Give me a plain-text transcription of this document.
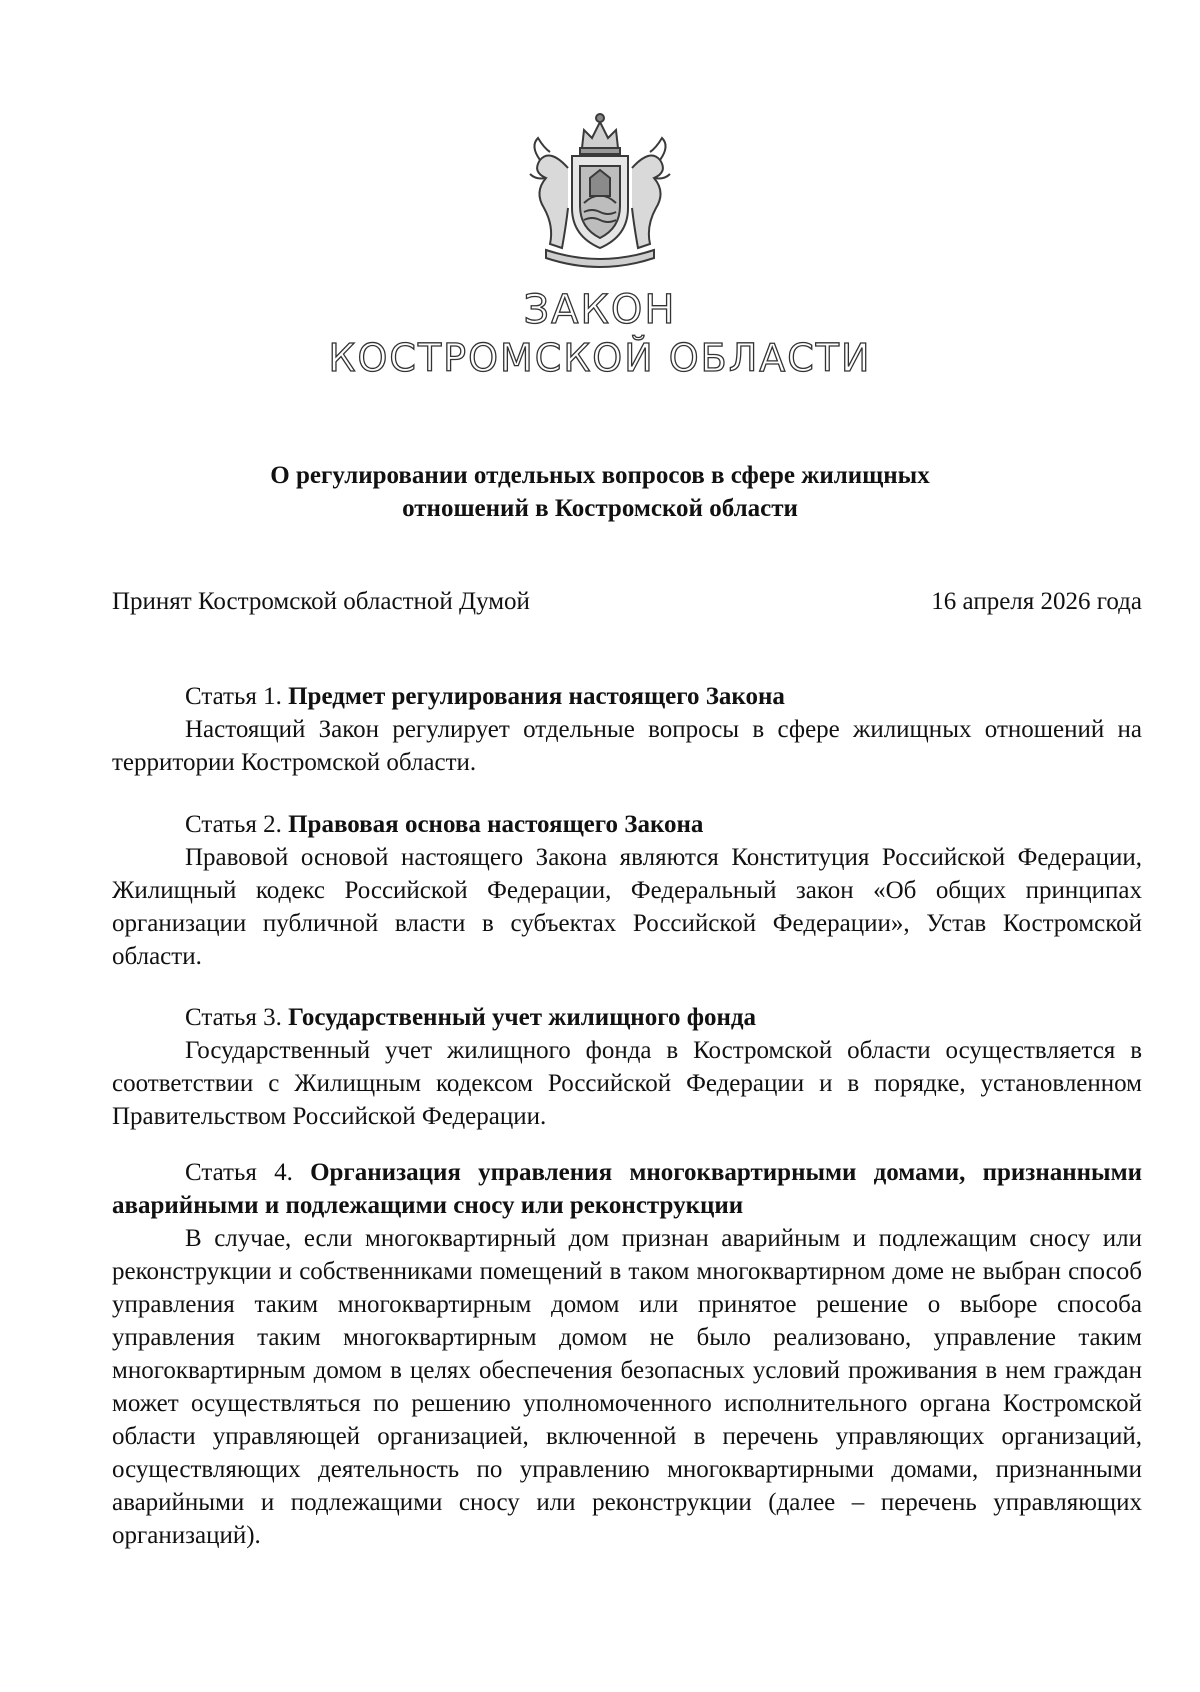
ЗАКОН
КОСТРОМСКОЙ ОБЛАСТИ

О регулировании отдельных вопросов в сфере жилищных
отношений в Костромской области

Принят Костромской областной Думой	16 апреля 2026 года

Статья 1. Предмет регулирования настоящего Закона

Настоящий Закон регулирует отдельные вопросы в сфере жилищных отношений на территории Костромской области.

Статья 2. Правовая основа настоящего Закона

Правовой основой настоящего Закона являются Конституция Российской Федерации, Жилищный кодекс Российской Федерации, Федеральный закон «Об общих принципах организации публичной власти в субъектах Российской Федерации», Устав Костромской области.

Статья 3. Государственный учет жилищного фонда

Государственный учет жилищного фонда в Костромской области осуществляется в соответствии с Жилищным кодексом Российской Федерации и в порядке, установленном Правительством Российской Федерации.

Статья 4. Организация управления многоквартирными домами, признанными аварийными и подлежащими сносу или реконструкции

В случае, если многоквартирный дом признан аварийным и подлежащим сносу или реконструкции и собственниками помещений в таком многоквартирном доме не выбран способ управления таким многоквартирным домом или принятое решение о выборе способа управления таким многоквартирным домом не было реализовано, управление таким многоквартирным домом в целях обеспечения безопасных условий проживания в нем граждан может осуществляться по решению уполномоченного исполнительного органа Костромской области управляющей организацией, включенной в перечень управляющих организаций, осуществляющих деятельность по управлению многоквартирными домами, признанными аварийными и подлежащими сносу или реконструкции (далее – перечень управляющих организаций).
